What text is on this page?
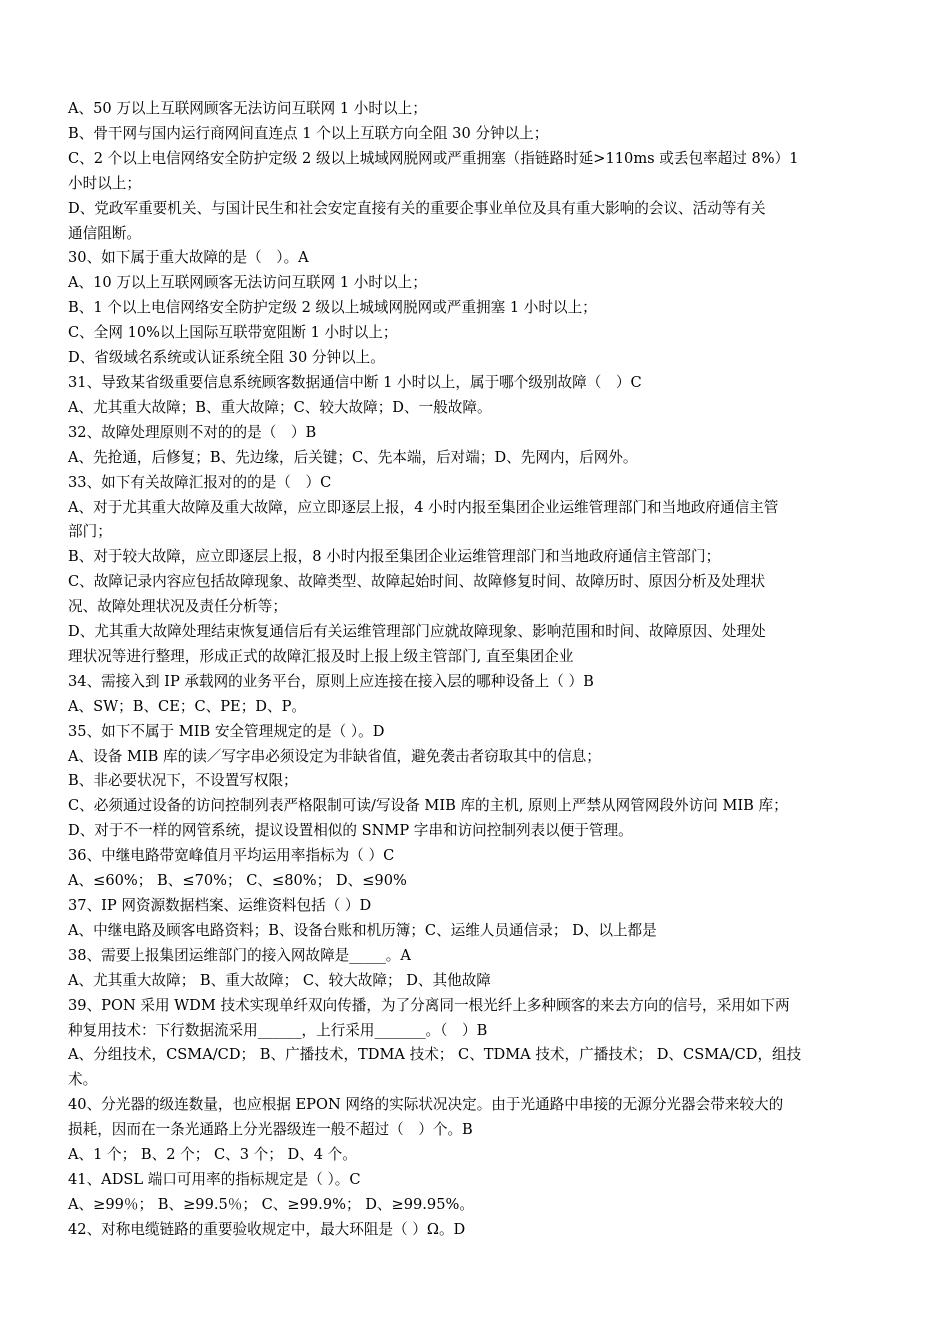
A、50 万以上互联网顾客无法访问互联网 1 小时以上；
B、骨干网与国内运行商网间直连点 1 个以上互联方向全阻 30 分钟以上；
C、2 个以上电信网络安全防护定级 2 级以上城域网脱网或严重拥塞（指链路时延>110ms 或丢包率超过 8%）1
小时以上；
D、党政军重要机关、与国计民生和社会安定直接有关的重要企事业单位及具有重大影响的会议、活动等有关
通信阻断。
30、如下属于重大故障的是（　）。A
A、10 万以上互联网顾客无法访问互联网 1 小时以上；
B、1 个以上电信网络安全防护定级 2 级以上城域网脱网或严重拥塞 1 小时以上；
C、全网 10%以上国际互联带宽阻断 1 小时以上；
D、省级域名系统或认证系统全阻 30 分钟以上。
31、导致某省级重要信息系统顾客数据通信中断 1 小时以上，属于哪个级别故障（　）C
A、尤其重大故障；B、重大故障；C、较大故障；D、一般故障。
32、故障处理原则不对的的是（　）B
A、先抢通，后修复；B、先边缘，后关键；C、先本端，后对端；D、先网内，后网外。
33、如下有关故障汇报对的的是（　）C
A、对于尤其重大故障及重大故障，应立即逐层上报，4 小时内报至集团企业运维管理部门和当地政府通信主管
部门；
B、对于较大故障，应立即逐层上报，8 小时内报至集团企业运维管理部门和当地政府通信主管部门；
C、故障记录内容应包括故障现象、故障类型、故障起始时间、故障修复时间、故障历时、原因分析及处理状
况、故障处理状况及责任分析等；
D、尤其重大故障处理结束恢复通信后有关运维管理部门应就故障现象、影响范围和时间、故障原因、处理处
理状况等进行整理，形成正式的故障汇报及时上报上级主管部门, 直至集团企业
34、需接入到 IP 承载网的业务平台，原则上应连接在接入层的哪种设备上（ ）B
A、SW；B、CE；C、PE；D、P。
35、如下不属于 MIB 安全管理规定的是（ ）。D
A、设备 MIB 库的读／写字串必须设定为非缺省值，避免袭击者窃取其中的信息；
B、非必要状况下，不设置写权限；
C、必须通过设备的访问控制列表严格限制可读/写设备 MIB 库的主机, 原则上严禁从网管网段外访问 MIB 库；
D、对于不一样的网管系统，提议设置相似的 SNMP 字串和访问控制列表以便于管理。
36、中继电路带宽峰值月平均运用率指标为（ ）C
A、≤60%； B、≤70%； C、≤80%； D、≤90%
37、IP 网资源数据档案、运维资料包括（ ）D
A、中继电路及顾客电路资料；B、设备台账和机历簿；C、运维人员通信录； D、以上都是
38、需要上报集团运维部门的接入网故障是_____。A
A、尤其重大故障； B、重大故障； C、较大故障； D、其他故障
39、PON 采用 WDM 技术实现单纤双向传播，为了分离同一根光纤上多种顾客的来去方向的信号，采用如下两
种复用技术：下行数据流采用______，上行采用_______。（　）B
A、分组技术，CSMA/CD； B、广播技术，TDMA 技术； C、TDMA 技术，广播技术； D、CSMA/CD，组技
术。
40、分光器的级连数量，也应根据 EPON 网络的实际状况决定。由于光通路中串接的无源分光器会带来较大的
损耗，因而在一条光通路上分光器级连一般不超过（　）个。B
A、1 个； B、2 个； C、3 个； D、4 个。
41、ADSL 端口可用率的指标规定是（ ）。C
A、≥99％； B、≥99.5％； C、≥99.9%； D、≥99.95%。
42、对称电缆链路的重要验收规定中，最大环阻是（ ）Ω。D
